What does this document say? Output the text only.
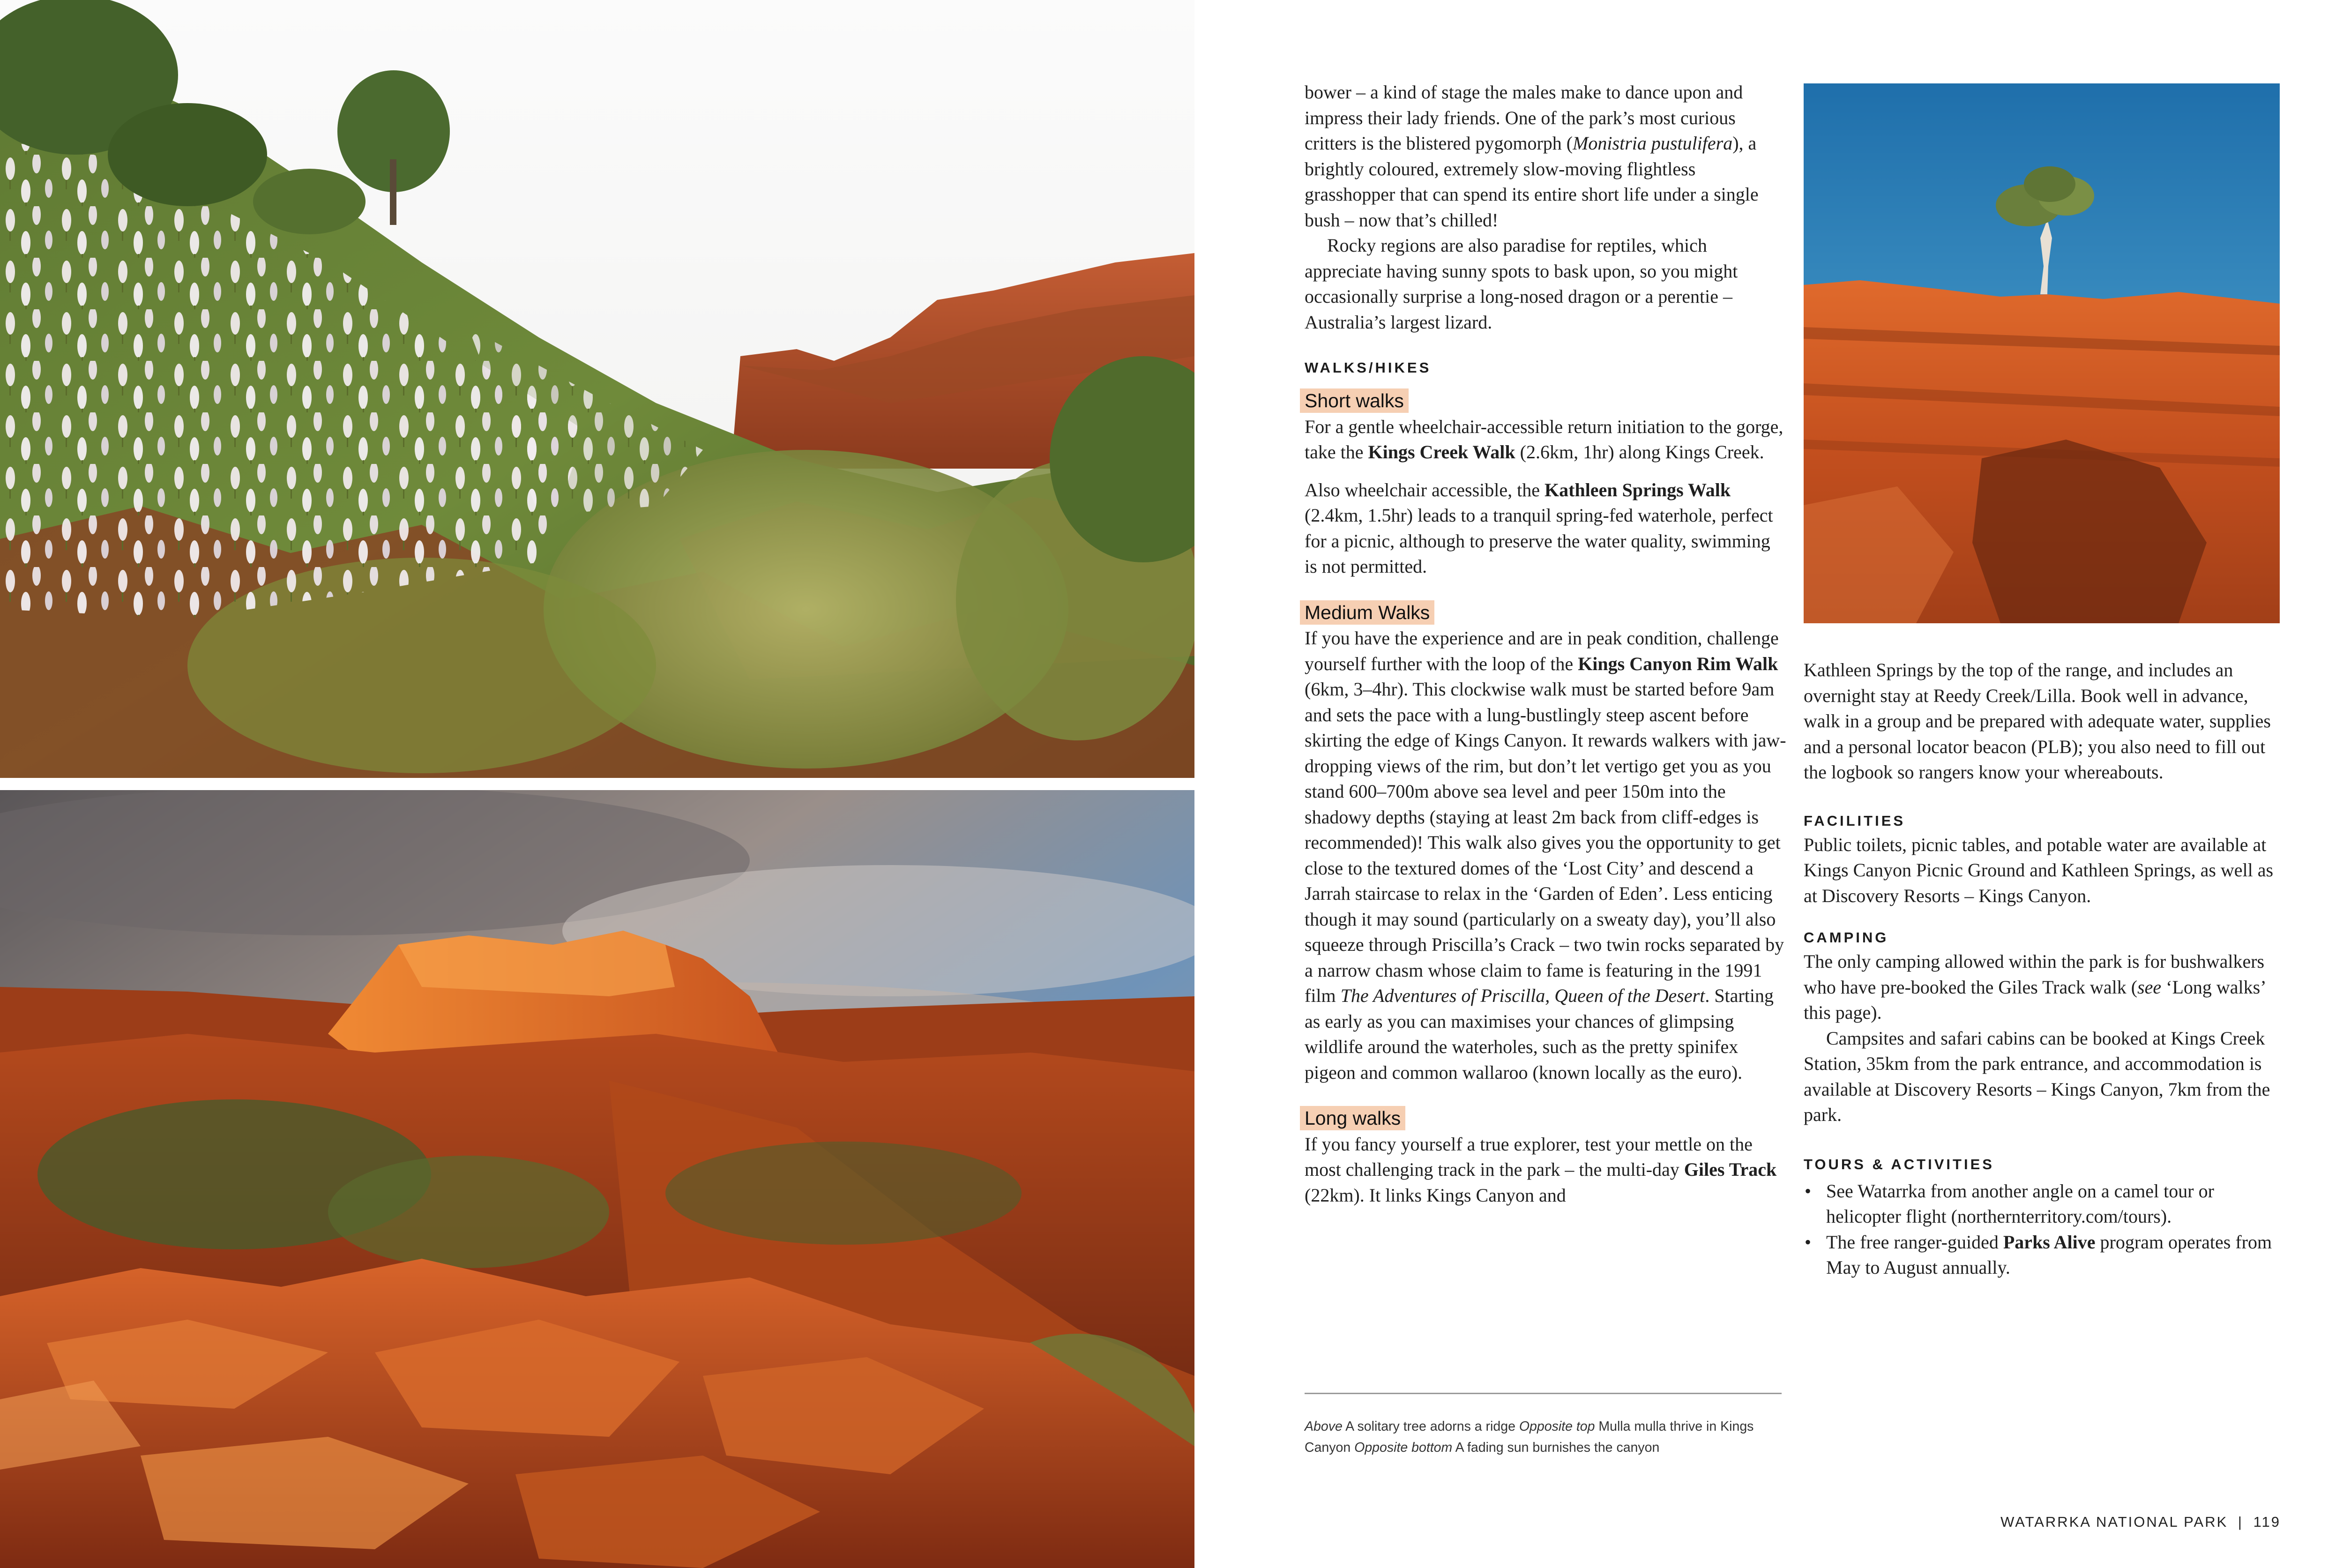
bower – a kind of stage the males make to dance upon and impress their lady friends. One of the park’s most curious critters is the blistered pygomorph (Monistria pustulifera), a brightly coloured, extremely slow-moving flightless grasshopper that can spend its entire short life under a single bush – now that’s chilled!

Rocky regions are also paradise for reptiles, which appreciate having sunny spots to bask upon, so you might occasionally surprise a long-nosed dragon or a perentie – Australia’s largest lizard.

WALKS/HIKES
Short walks

For a gentle wheelchair-accessible return initiation to the gorge, take the Kings Creek Walk (2.6km, 1hr) along Kings Creek.

Also wheelchair accessible, the Kathleen Springs Walk (2.4km, 1.5hr) leads to a tranquil spring-fed waterhole, perfect for a picnic, although to preserve the water quality, swimming is not permitted.

Medium Walks

If you have the experience and are in peak condition, challenge yourself further with the loop of the Kings Canyon Rim Walk (6km, 3–4hr). This clockwise walk must be started before 9am and sets the pace with a lung-bustlingly steep ascent before skirting the edge of Kings Canyon. It rewards walkers with jaw-dropping views of the rim, but don’t let vertigo get you as you stand 600–700m above sea level and peer 150m into the shadowy depths (staying at least 2m back from cliff-edges is recommended)! This walk also gives you the opportunity to get close to the textured domes of the ‘Lost City’ and descend a Jarrah staircase to relax in the ‘Garden of Eden’. Less enticing though it may sound (particularly on a sweaty day), you’ll also squeeze through Priscilla’s Crack – two twin rocks separated by a narrow chasm whose claim to fame is featuring in the 1991 film The Adventures of Priscilla, Queen of the Desert. Starting as early as you can maximises your chances of glimpsing wildlife around the waterholes, such as the pretty spinifex pigeon and common wallaroo (known locally as the euro).

Long walks

If you fancy yourself a true explorer, test your mettle on the most challenging track in the park – the multi-day Giles Track (22km). It links Kings Canyon and

Above A solitary tree adorns a ridge Opposite top Mulla mulla thrive in Kings Canyon Opposite bottom A fading sun burnishes the canyon

Kathleen Springs by the top of the range, and includes an overnight stay at Reedy Creek/Lilla. Book well in advance, walk in a group and be prepared with adequate water, supplies and a personal locator beacon (PLB); you also need to fill out the logbook so rangers know your whereabouts.

FACILITIES

Public toilets, picnic tables, and potable water are available at Kings Canyon Picnic Ground and Kathleen Springs, as well as at Discovery Resorts – Kings Canyon.

CAMPING

The only camping allowed within the park is for bushwalkers who have pre-booked the Giles Track walk (see ‘Long walks’ this page).

Campsites and safari cabins can be booked at Kings Creek Station, 35km from the park entrance, and accommodation is available at Discovery Resorts – Kings Canyon, 7km from the park.

TOURS & ACTIVITIES
• See Watarrka from another angle on a camel tour or helicopter flight (northernterritory.com/tours).
• The free ranger-guided Parks Alive program operates from May to August annually.
WATARRKA NATIONAL PARK | 119
